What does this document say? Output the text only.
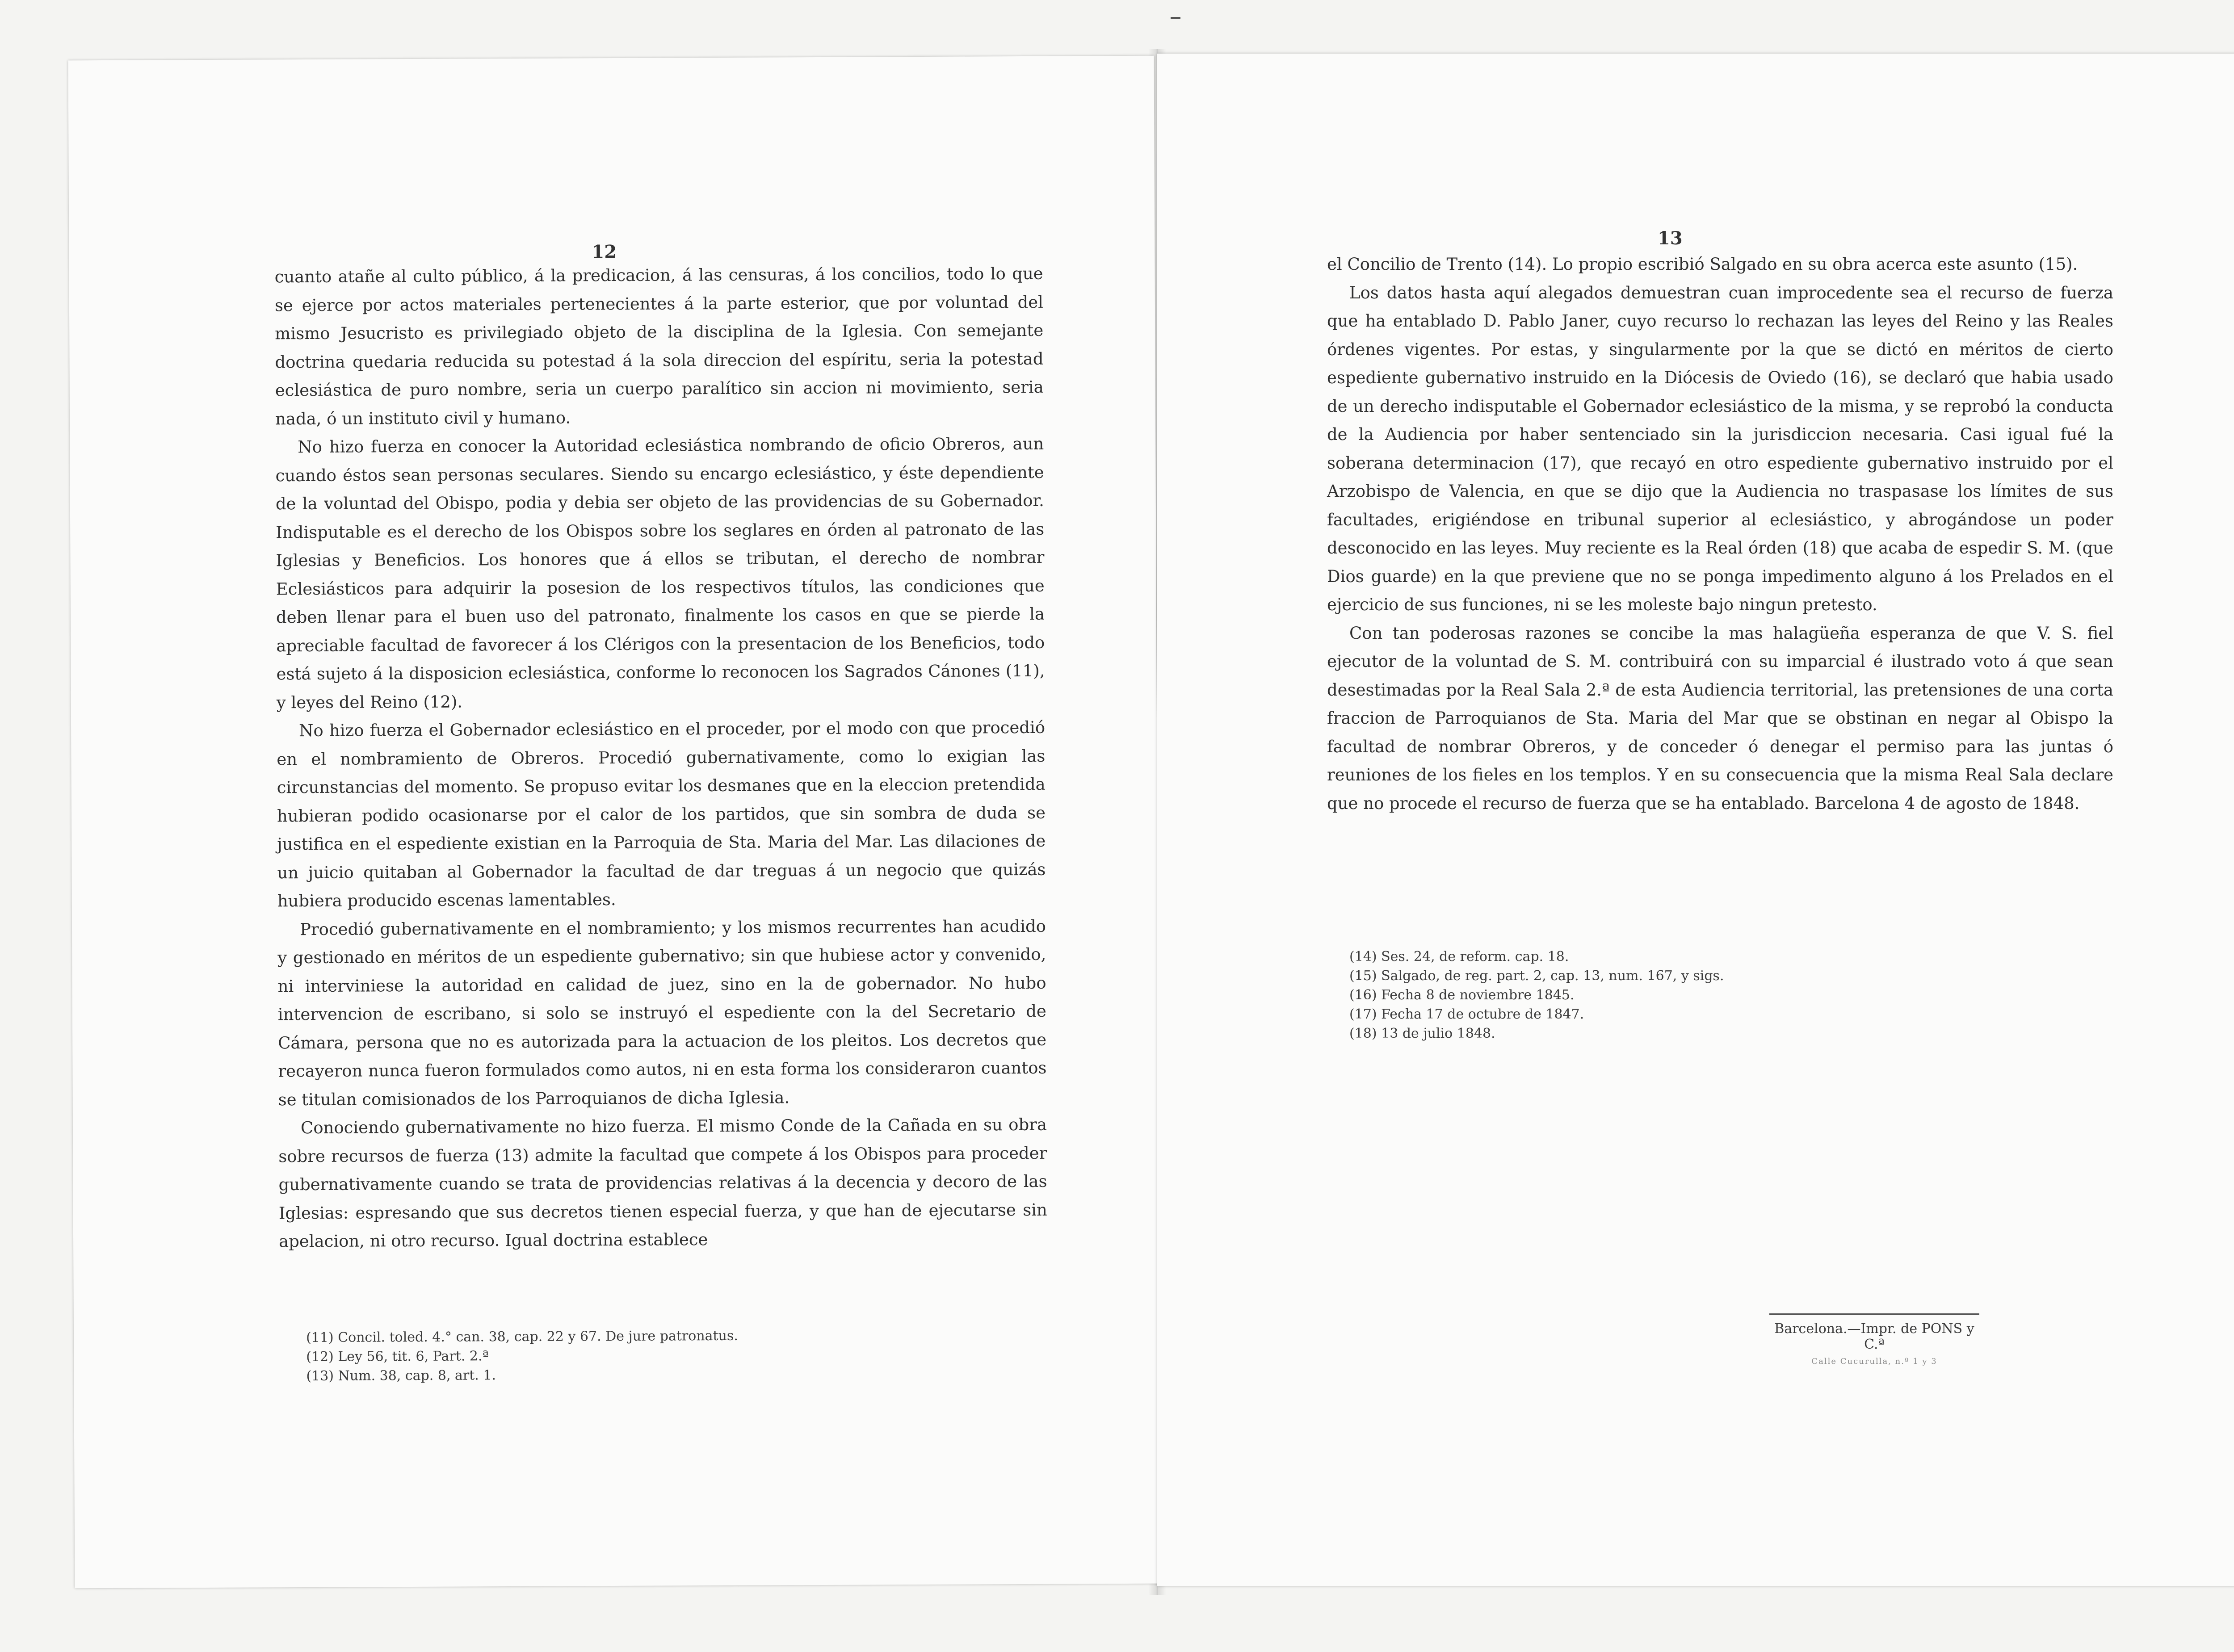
12

cuanto atañe al culto público, á la predicacion, á las censuras, á los concilios, todo lo que se ejerce por actos materiales pertenecientes á la parte esterior, que por voluntad del mismo Jesucristo es privilegiado objeto de la disciplina de la Iglesia. Con semejante doctrina quedaria reducida su potestad á la sola direccion del espíritu, seria la potestad eclesiástica de puro nombre, seria un cuerpo paralítico sin accion ni movimiento, seria nada, ó un instituto civil y humano.

No hizo fuerza en conocer la Autoridad eclesiástica nombrando de oficio Obreros, aun cuando éstos sean personas seculares. Siendo su encargo eclesiástico, y éste dependiente de la voluntad del Obispo, podia y debia ser objeto de las providencias de su Gobernador. Indisputable es el derecho de los Obispos sobre los seglares en órden al patronato de las Iglesias y Beneficios. Los honores que á ellos se tributan, el derecho de nombrar Eclesiásticos para adquirir la posesion de los respectivos títulos, las condiciones que deben llenar para el buen uso del patronato, finalmente los casos en que se pierde la apreciable facultad de favorecer á los Clérigos con la presentacion de los Beneficios, todo está sujeto á la disposicion eclesiástica, conforme lo reconocen los Sagrados Cánones (11), y leyes del Reino (12).

No hizo fuerza el Gobernador eclesiástico en el proceder, por el modo con que procedió en el nombramiento de Obreros. Procedió gubernativamente, como lo exigian las circunstancias del momento. Se propuso evitar los desmanes que en la eleccion pretendida hubieran podido ocasionarse por el calor de los partidos, que sin sombra de duda se justifica en el espediente existian en la Parroquia de Sta. Maria del Mar. Las dilaciones de un juicio quitaban al Gobernador la facultad de dar treguas á un negocio que quizás hubiera producido escenas lamentables.

Procedió gubernativamente en el nombramiento; y los mismos recurrentes han acudido y gestionado en méritos de un espediente gubernativo; sin que hubiese actor y convenido, ni interviniese la autoridad en calidad de juez, sino en la de gobernador. No hubo intervencion de escribano, si solo se instruyó el espediente con la del Secretario de Cámara, persona que no es autorizada para la actuacion de los pleitos. Los decretos que recayeron nunca fueron formulados como autos, ni en esta forma los consideraron cuantos se titulan comisionados de los Parroquianos de dicha Iglesia.

Conociendo gubernativamente no hizo fuerza. El mismo Conde de la Cañada en su obra sobre recursos de fuerza (13) admite la facultad que compete á los Obispos para proceder gubernativamente cuando se trata de providencias relativas á la decencia y decoro de las Iglesias: espresando que sus decretos tienen especial fuerza, y que han de ejecutarse sin apelacion, ni otro recurso. Igual doctrina establece

(11) Concil. toled. 4.° can. 38, cap. 22 y 67. De jure patronatus.
(12) Ley 56, tit. 6, Part. 2.ª
(13) Num. 38, cap. 8, art. 1.
13

el Concilio de Trento (14). Lo propio escribió Salgado en su obra acerca este asunto (15).

Los datos hasta aquí alegados demuestran cuan improcedente sea el recurso de fuerza que ha entablado D. Pablo Janer, cuyo recurso lo rechazan las leyes del Reino y las Reales órdenes vigentes. Por estas, y singularmente por la que se dictó en méritos de cierto espediente gubernativo instruido en la Diócesis de Oviedo (16), se declaró que habia usado de un derecho indisputable el Gobernador eclesiástico de la misma, y se reprobó la conducta de la Audiencia por haber sentenciado sin la jurisdiccion necesaria. Casi igual fué la soberana determinacion (17), que recayó en otro espediente gubernativo instruido por el Arzobispo de Valencia, en que se dijo que la Audiencia no traspasase los límites de sus facultades, erigiéndose en tribunal superior al eclesiástico, y abrogándose un poder desconocido en las leyes. Muy reciente es la Real órden (18) que acaba de espedir S. M. (que Dios guarde) en la que previene que no se ponga impedimento alguno á los Prelados en el ejercicio de sus funciones, ni se les moleste bajo ningun pretesto.

Con tan poderosas razones se concibe la mas halagüeña esperanza de que V. S. fiel ejecutor de la voluntad de S. M. contribuirá con su imparcial é ilustrado voto á que sean desestimadas por la Real Sala 2.ª de esta Audiencia territorial, las pretensiones de una corta fraccion de Parroquianos de Sta. Maria del Mar que se obstinan en negar al Obispo la facultad de nombrar Obreros, y de conceder ó denegar el permiso para las juntas ó reuniones de los fieles en los templos. Y en su consecuencia que la misma Real Sala declare que no procede el recurso de fuerza que se ha entablado. Barcelona 4 de agosto de 1848.

(14) Ses. 24, de reform. cap. 18.
(15) Salgado, de reg. part. 2, cap. 13, num. 167, y sigs.
(16) Fecha 8 de noviembre 1845.
(17) Fecha 17 de octubre de 1847.
(18) 13 de julio 1848.
Barcelona.—Impr. de PONS y C.ª
Calle Cucurulla, n.º 1 y 3
